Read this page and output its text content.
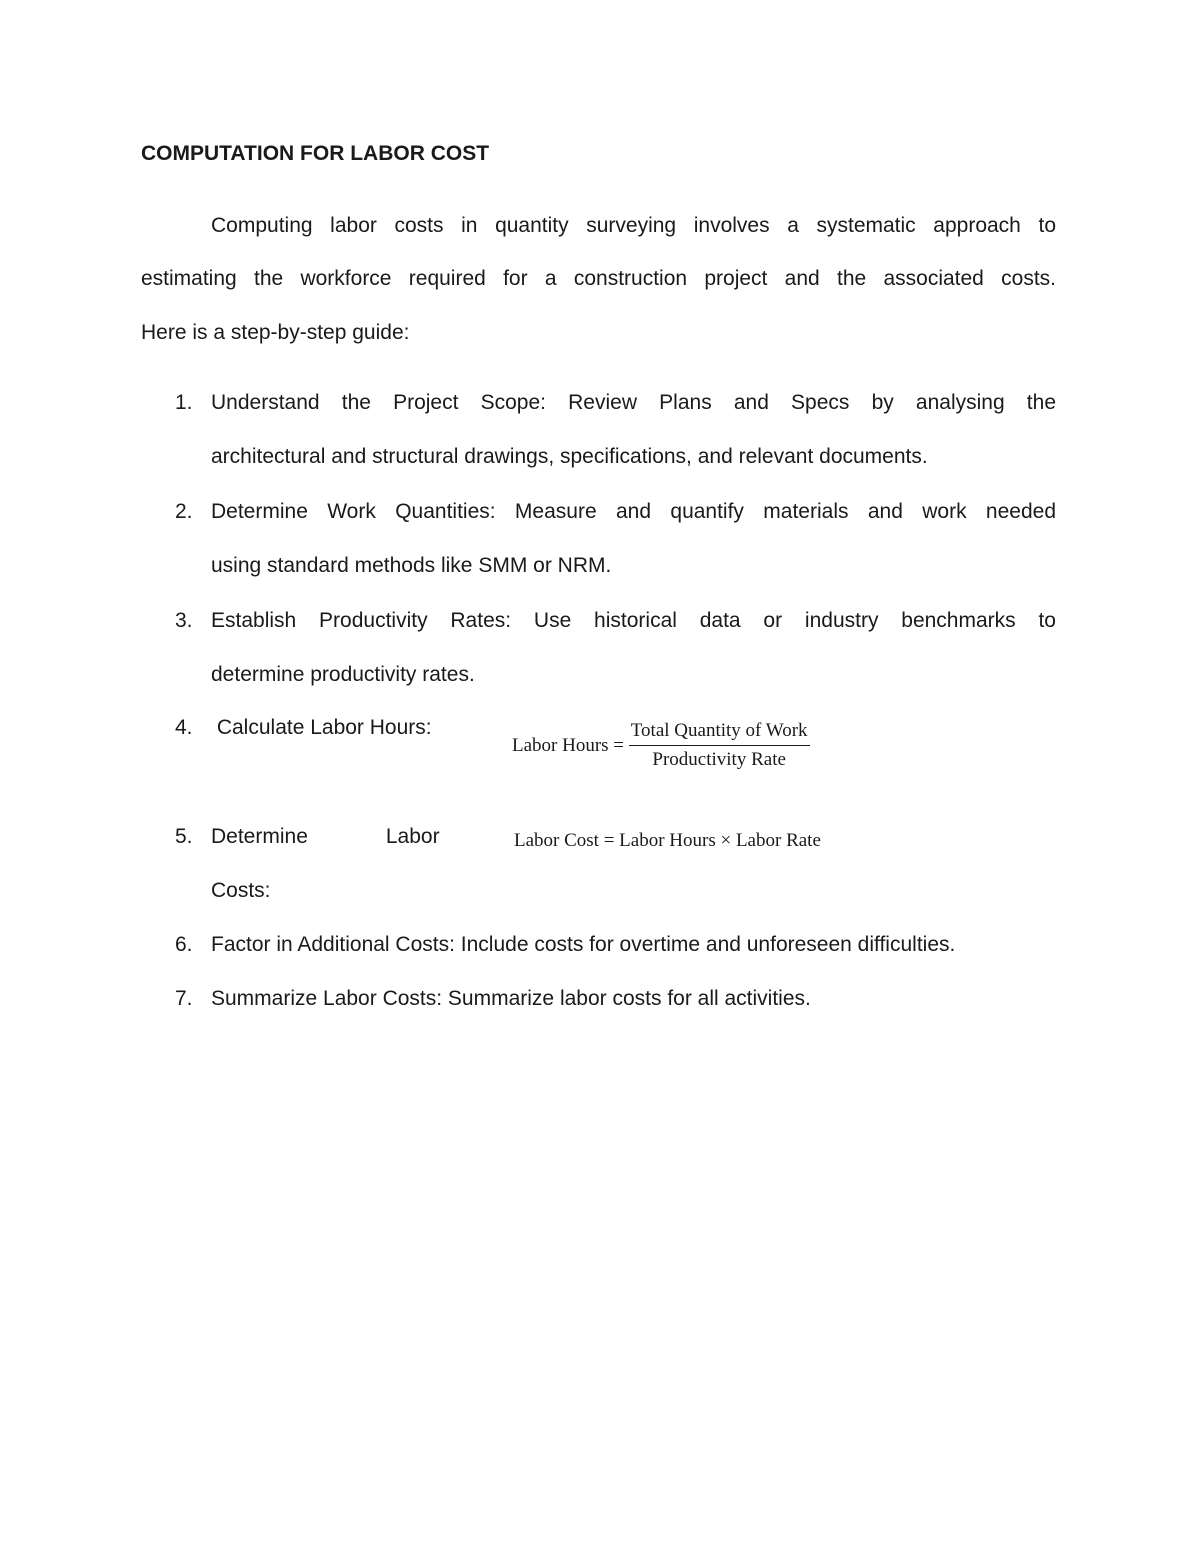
COMPUTATION FOR LABOR COST

Computing labor costs in quantity surveying involves a systematic approach to

estimating the workforce required for a construction project and the associated costs.

Here is a step-by-step guide:

1. Understand the Project Scope: Review Plans and Specs by analysing the
architectural and structural drawings, specifications, and relevant documents.
2. Determine Work Quantities: Measure and quantify materials and work needed
using standard methods like SMM or NRM.
3. Establish Productivity Rates: Use historical data or industry benchmarks to
determine productivity rates.
4. Calculate Labor Hours:
Labor Hours = $\frac{\text{Total Quantity of Work}}{\text{Productivity Rate}}$
5. Determine	Labor
Costs:
Labor Cost = Labor Hours × Labor Rate
6. Factor in Additional Costs: Include costs for overtime and unforeseen difficulties.
7. Summarize Labor Costs: Summarize labor costs for all activities.
